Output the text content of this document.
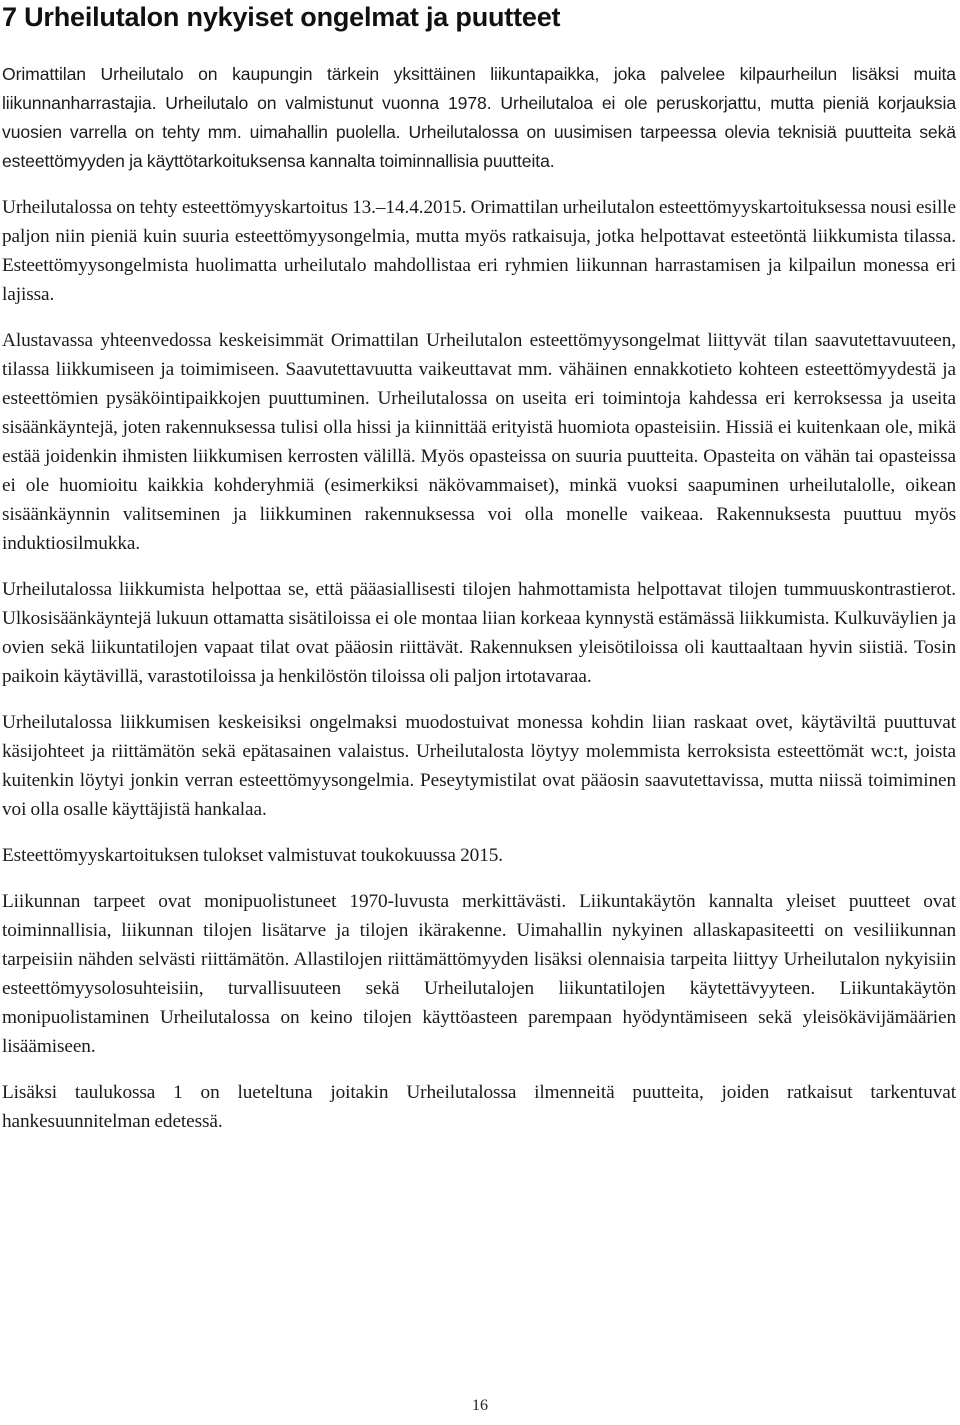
7 Urheilutalon nykyiset ongelmat ja puutteet

Orimattilan Urheilutalo on kaupungin tärkein yksittäinen liikuntapaikka, joka palvelee kilpaurheilun lisäksi muita liikunnanharrastajia. Urheilutalo on valmistunut vuonna 1978. Urheilutaloa ei ole peruskorjattu, mutta pieniä korjauksia vuosien varrella on tehty mm. uimahallin puolella. Urheilutalossa on uusimisen tarpeessa olevia teknisiä puutteita sekä esteettömyyden ja käyttötarkoituksensa kannalta toiminnallisia puutteita.

Urheilutalossa on tehty esteettömyyskartoitus 13.–14.4.2015. Orimattilan urheilutalon esteettömyyskartoituksessa nousi esille paljon niin pieniä kuin suuria esteettömyysongelmia, mutta myös ratkaisuja, jotka helpottavat esteetöntä liikkumista tilassa. Esteettömyysongelmista huolimatta urheilutalo mahdollistaa eri ryhmien liikunnan harrastamisen ja kilpailun monessa eri lajissa.

Alustavassa yhteenvedossa keskeisimmät Orimattilan Urheilutalon esteettömyysongelmat liittyvät tilan saavutettavuuteen, tilassa liikkumiseen ja toimimiseen. Saavutettavuutta vaikeuttavat mm. vähäinen ennakkotieto kohteen esteettömyydestä ja esteettömien pysäköintipaikkojen puuttuminen. Urheilutalossa on useita eri toimintoja kahdessa eri kerroksessa ja useita sisäänkäyntejä, joten rakennuksessa tulisi olla hissi ja kiinnittää erityistä huomiota opasteisiin. Hissiä ei kuitenkaan ole, mikä estää joidenkin ihmisten liikkumisen kerrosten välillä. Myös opasteissa on suuria puutteita. Opasteita on vähän tai opasteissa ei ole huomioitu kaikkia kohderyhmiä (esimerkiksi näkövammaiset), minkä vuoksi saapuminen urheilutalolle, oikean sisäänkäynnin valitseminen ja liikkuminen rakennuksessa voi olla monelle vaikeaa. Rakennuksesta puuttuu myös induktiosilmukka.

Urheilutalossa liikkumista helpottaa se, että pääasiallisesti tilojen hahmottamista helpottavat tilojen tummuuskontrastierot. Ulkosisäänkäyntejä lukuun ottamatta sisätiloissa ei ole montaa liian korkeaa kynnystä estämässä liikkumista. Kulkuväylien ja ovien sekä liikuntatilojen vapaat tilat ovat pääosin riittävät. Rakennuksen yleisötiloissa oli kauttaaltaan hyvin siistiä. Tosin paikoin käytävillä, varastotiloissa ja henkilöstön tiloissa oli paljon irtotavaraa.

Urheilutalossa liikkumisen keskeisiksi ongelmaksi muodostuivat monessa kohdin liian raskaat ovet, käytäviltä puuttuvat käsijohteet ja riittämätön sekä epätasainen valaistus. Urheilutalosta löytyy molemmista kerroksista esteettömät wc:t, joista kuitenkin löytyi jonkin verran esteettömyysongelmia. Peseytymistilat ovat pääosin saavutettavissa, mutta niissä toimiminen voi olla osalle käyttäjistä hankalaa.

Esteettömyyskartoituksen tulokset valmistuvat toukokuussa 2015.

Liikunnan tarpeet ovat monipuolistuneet 1970-luvusta merkittävästi. Liikuntakäytön kannalta yleiset puutteet ovat toiminnallisia, liikunnan tilojen lisätarve ja tilojen ikärakenne. Uimahallin nykyinen allaskapasiteetti on vesiliikunnan tarpeisiin nähden selvästi riittämätön. Allastilojen riittämättömyyden lisäksi olennaisia tarpeita liittyy Urheilutalon nykyisiin esteettömyysolosuhteisiin, turvallisuuteen sekä Urheilutalojen liikuntatilojen käytettävyyteen. Liikuntakäytön monipuolistaminen Urheilutalossa on keino tilojen käyttöasteen parempaan hyödyntämiseen sekä yleisökävijämäärien lisäämiseen.

Lisäksi taulukossa 1 on lueteltuna joitakin Urheilutalossa ilmenneitä puutteita, joiden ratkaisut tarkentuvat hankesuunnitelman edetessä.

16
